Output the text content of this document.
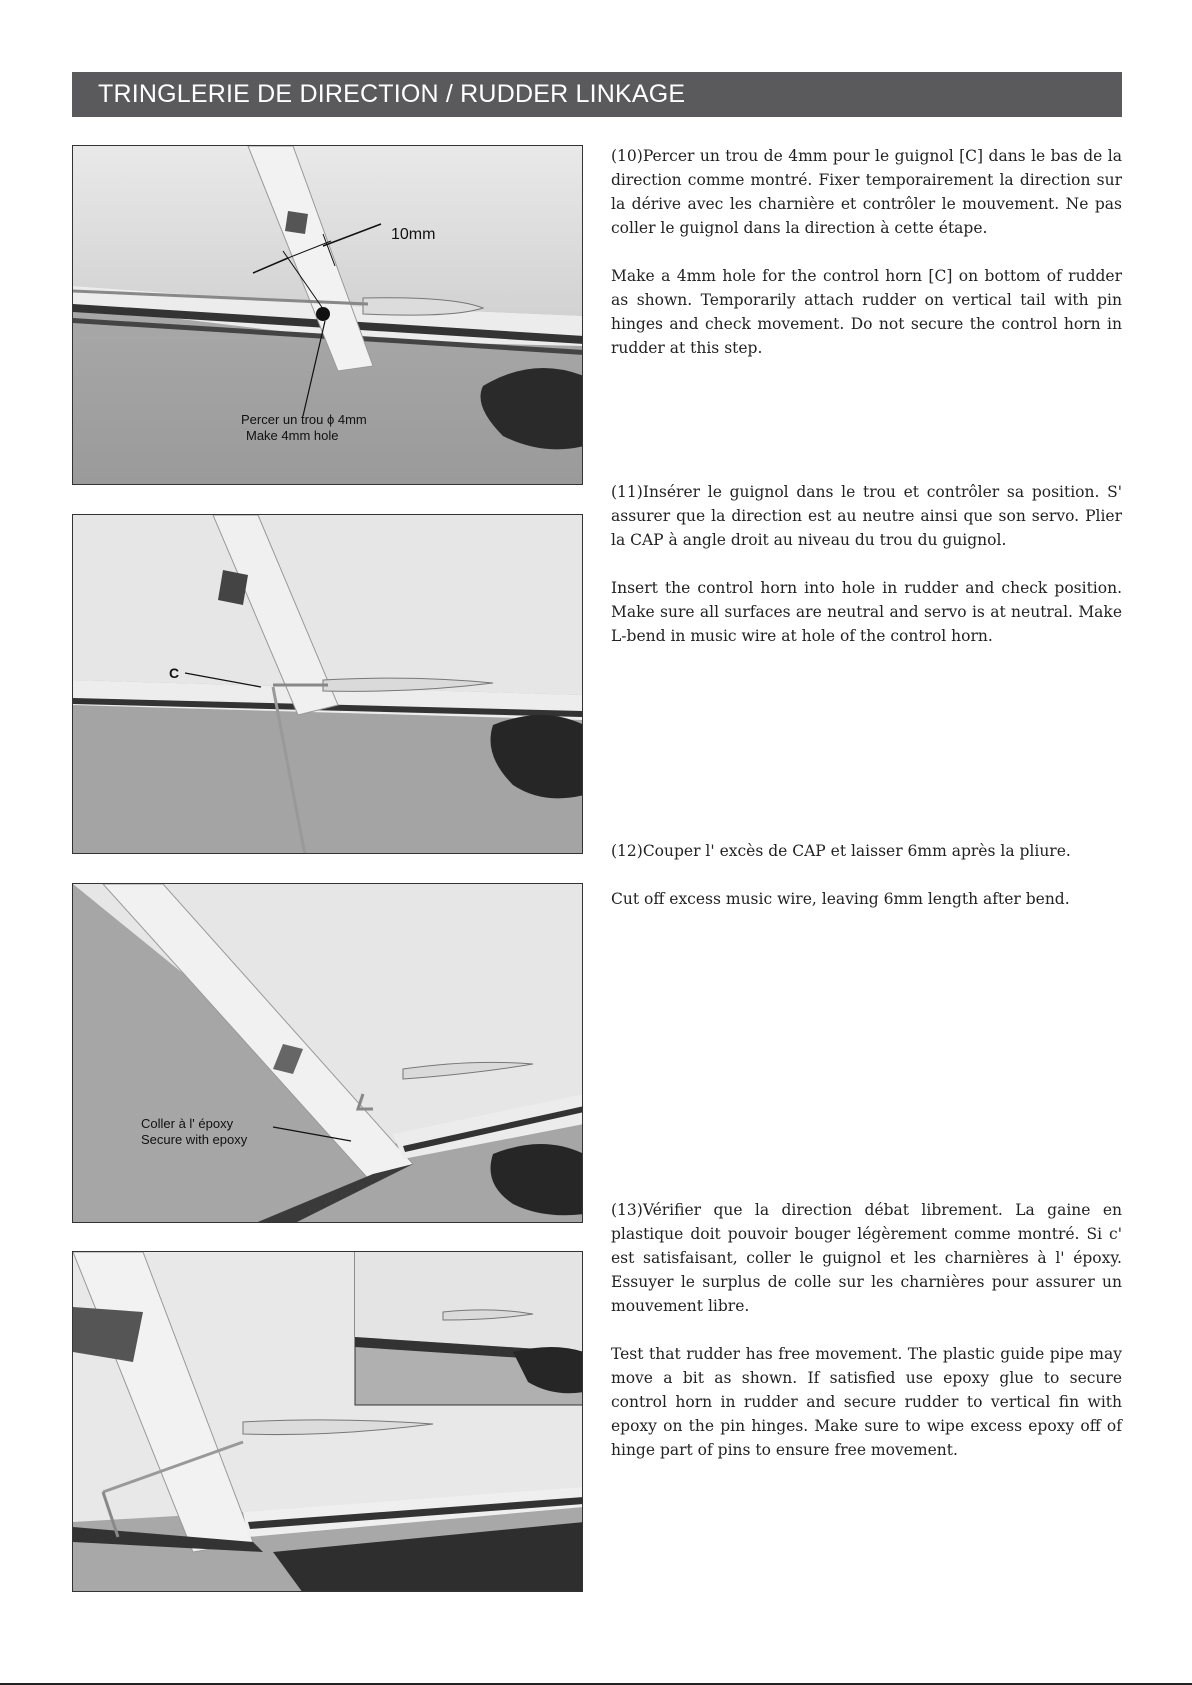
TRINGLERIE DE DIRECTION / RUDDER LINKAGE
10mm
Percer un trou ϕ 4mm
Make 4mm hole
C
Coller à l' époxy
Secure with epoxy

(10)Percer un trou de 4mm pour le guignol [C] dans le bas de la direction comme montré. Fixer temporairement la direction sur la dérive avec les charnière et contrôler le mouvement. Ne pas coller le guignol dans la direction à cette étape.

Make a 4mm hole for the control horn [C] on bottom of rudder as shown. Temporarily attach rudder on vertical tail with pin hinges and check movement. Do not secure the control horn in rudder at this step.

(11)Insérer le guignol dans le trou et contrôler sa position. S' assurer que la direction est au neutre ainsi que son servo. Plier la CAP à angle droit au niveau du trou du guignol.

Insert the control horn into hole in rudder and check position. Make sure all surfaces are neutral and servo is at neutral. Make L-bend in music wire at hole of the control horn.

(12)Couper l' excès de CAP et laisser 6mm après la pliure.

Cut off excess music wire, leaving 6mm length after bend.

(13)Vérifier que la direction débat librement. La gaine en plastique doit pouvoir bouger légèrement comme montré. Si c' est satisfaisant, coller le guignol et les charnières à l' époxy. Essuyer le surplus de colle sur les charnières pour assurer un mouvement libre.

Test that rudder has free movement. The plastic guide pipe may move a bit as shown. If satisfied use epoxy glue to secure control horn in rudder and secure rudder to vertical fin with epoxy on the pin hinges. Make sure to wipe excess epoxy off of hinge part of pins to ensure free movement.
